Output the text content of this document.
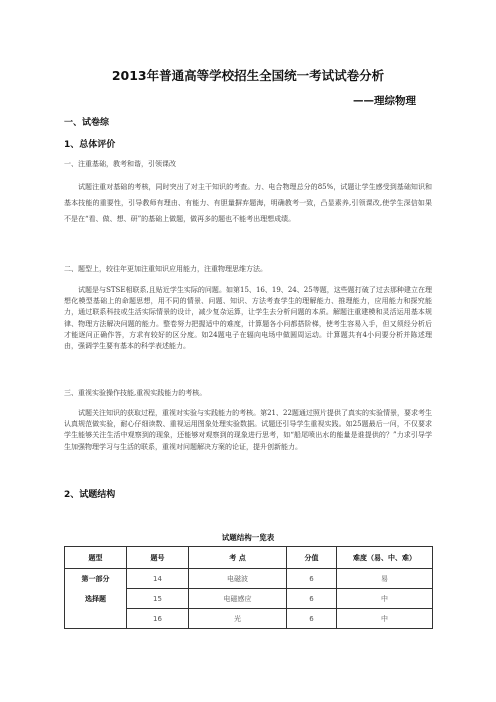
2013年普通高等学校招生全国统一考试试卷分析
——理综物理
一、试卷综
1、总体评价
一、注重基础，教考和谐，引领课改
试题注重对基础的考核，同时突出了对主干知识的考查。力、电合物理总分的85%，试题让学生感受到基础知识和基本技能的重要性，引导教师有理由、有能力、有胆量摒弃题海，明确教考一致，凸显素养,引领课改,使学生深信如果不是在“看、做、想、研”的基础上做题，做再多的题也不能考出理想成绩。
二、题型上，较往年更加注重知识应用能力，注重物理思维方法。
试题是与STSE相联系,且贴近学生实际的问题。如第15、16、19、24、25等题，这些题打破了过去那种建立在理想化模型基础上的命题思想，用不同的情景、问题、知识、方法考查学生的理解能力、推理能力，应用能力和探究能力，通过联系科技或生活实际情景的设计，减少复杂运算，让学生去分析问题的本质。解题注重建模和灵活运用基本规律、物理方法解决问题的能力。整卷努力把握适中的难度，计算题各小问都搭阶梯，使考生容易入手，但又须经分析后才能逐问正确作答，方求有较好的区分度。如24题电子在辐向电场中做圆周运动。计算题共有4小问要分析并陈述理由，强调学生要有基本的科学表述能力。
三、重视实验操作技能,重视实践能力的考核。
试题关注知识的获取过程，重视对实验与实践能力的考核。第21、22题通过照片提供了真实的实验情景，要求考生认真规范做实验，耐心仔细读数、重视运用图象处理实验数据。试题还引导学生重视实践。如25题最后一问，不仅要求学生能够关注生活中观察到的现象，还能够对观察到的现象进行思考，如“船尾喷出水的能量是谁提供的？”力求引导学生加强物理学习与生活的联系，重视对问题解决方案的论证，提升创新能力。
2、试题结构
试题结构一览表
题型	题号	考 点	分值	难度（易、中、难）
第一部分	14	电磁波	6	易
选择题	15	电磁感应	6	中
	16	光	6	中
